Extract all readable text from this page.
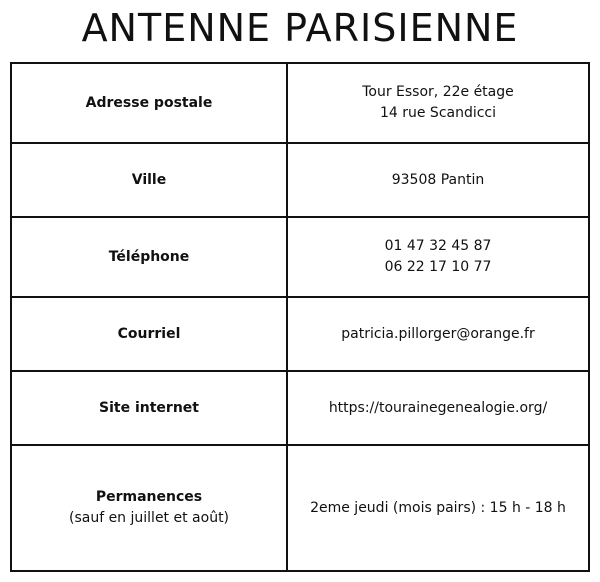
ANTENNE PARISIENNE
Adresse postale	Tour Essor, 22e étage
14 rue Scandicci

Ville	93508 Pantin

Téléphone	01 47 32 45 87
06 22 17 10 77

Courriel	patricia.pillorger@orange.fr

Site internet	https://tourainegenealogie.org/

Permanences
(sauf en juillet et août)	2eme jeudi (mois pairs) : 15 h - 18 h
